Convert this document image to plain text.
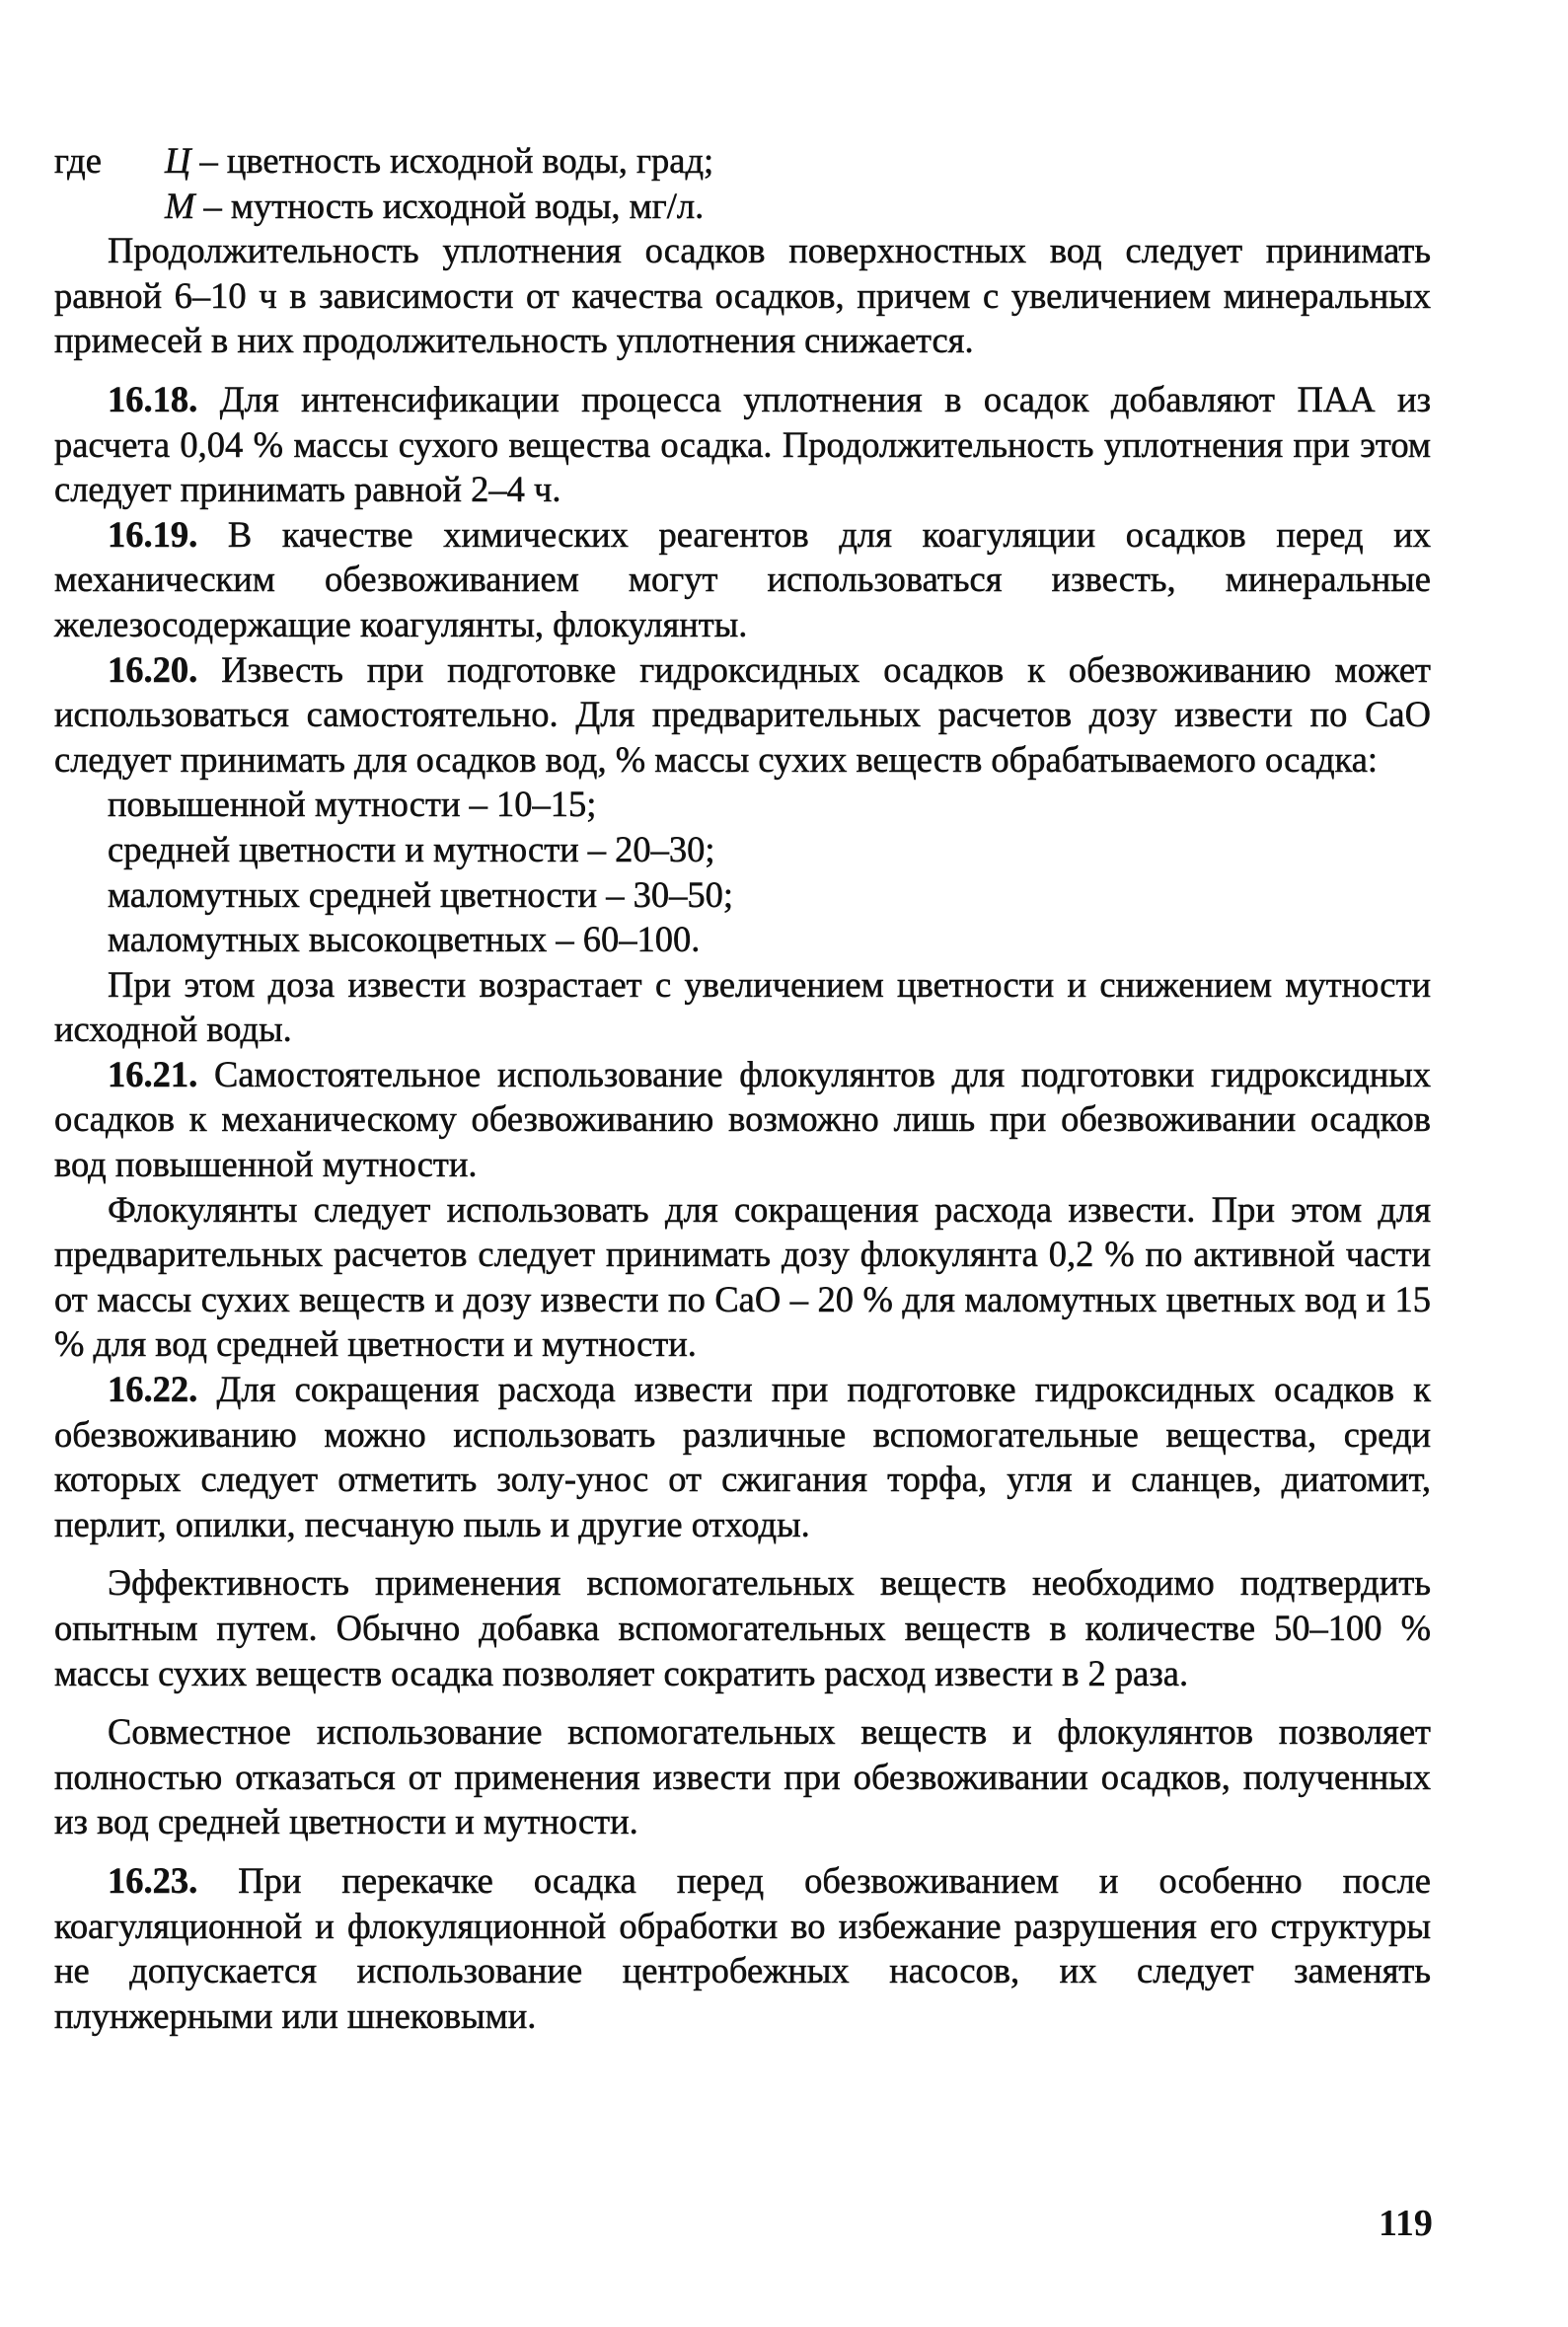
где	Ц – цветность исходной воды, град;
М – мутность исходной воды, мг/л.

Продолжительность уплотнения осадков поверхностных вод следует принимать равной 6–10 ч в зависимости от качества осадков, причем с увеличением минеральных примесей в них продолжительность уплотнения снижается.

16.18. Для интенсификации процесса уплотнения в осадок добавляют ПАА из расчета 0,04 % массы сухого вещества осадка. Продолжительность уплотнения при этом следует принимать равной 2–4 ч.

16.19. В качестве химических реагентов для коагуляции осадков перед их механическим обезвоживанием могут использоваться известь, минеральные железосодержащие коагулянты, флокулянты.

16.20. Известь при подготовке гидроксидных осадков к обезвоживанию может использоваться самостоятельно. Для предварительных расчетов дозу извести по CaO следует принимать для осадков вод, % массы сухих веществ обрабатываемого осадка:

повышенной мутности – 10–15;
средней цветности и мутности – 20–30;
маломутных средней цветности – 30–50;
маломутных высокоцветных – 60–100.

При этом доза извести возрастает с увеличением цветности и снижением мутности исходной воды.

16.21. Самостоятельное использование флокулянтов для подготовки гидроксидных осадков к механическому обезвоживанию возможно лишь при обезвоживании осадков вод повышенной мутности.

Флокулянты следует использовать для сокращения расхода извести. При этом для предварительных расчетов следует принимать дозу флокулянта 0,2 % по активной части от массы сухих веществ и дозу извести по CaO – 20 % для маломутных цветных вод и 15 % для вод средней цветности и мутности.

16.22. Для сокращения расхода извести при подготовке гидроксидных осадков к обезвоживанию можно использовать различные вспомогательные вещества, среди которых следует отметить золу-унос от сжигания торфа, угля и сланцев, диатомит, перлит, опилки, песчаную пыль и другие отходы.

Эффективность применения вспомогательных веществ необходимо подтвердить опытным путем. Обычно добавка вспомогательных веществ в количестве 50–100 % массы сухих веществ осадка позволяет сократить расход извести в 2 раза.

Совместное использование вспомогательных веществ и флокулянтов позволяет полностью отказаться от применения извести при обезвоживании осадков, полученных из вод средней цветности и мутности.

16.23. При перекачке осадка перед обезвоживанием и особенно после коагуляционной и флокуляционной обработки во избежание разрушения его структуры не допускается использование центробежных насосов, их следует заменять плунжерными или шнековыми.

119
